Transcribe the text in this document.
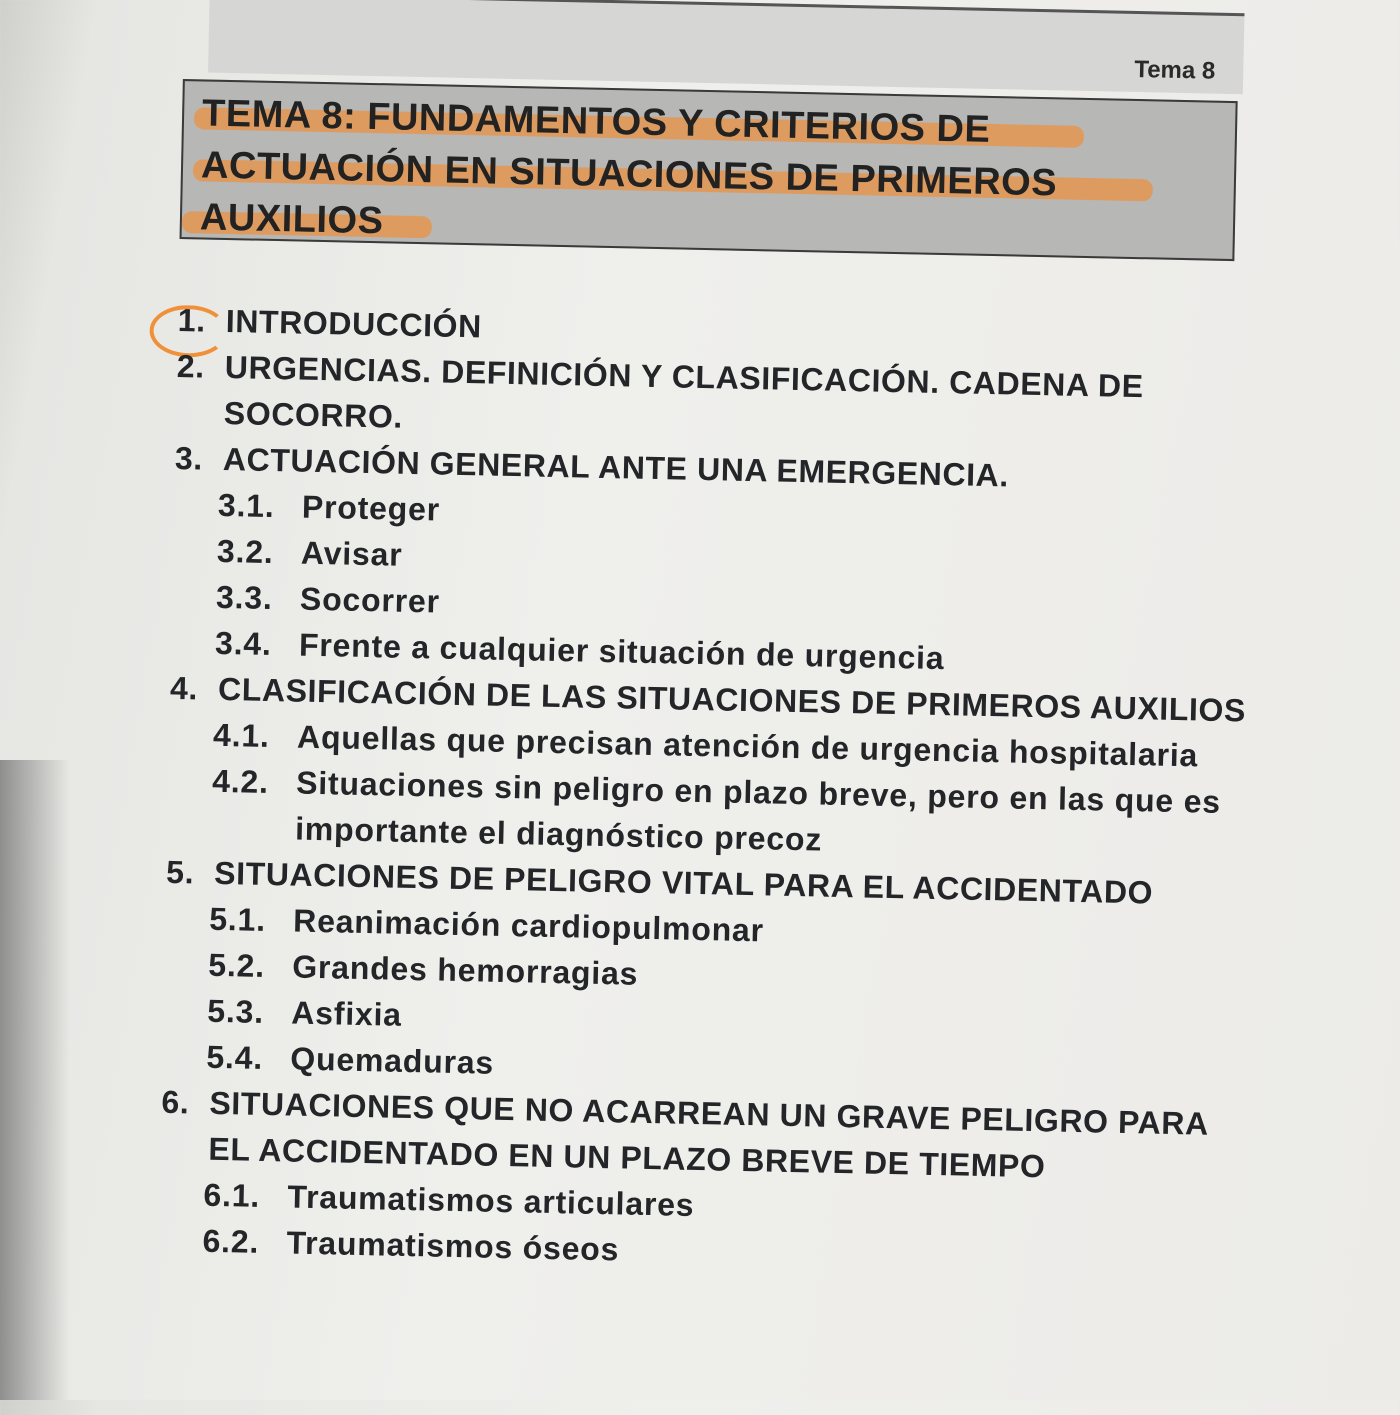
Tema 8
TEMA 8: FUNDAMENTOS Y CRITERIOS DE ACTUACIÓN EN SITUACIONES DE PRIMEROS AUXILIOS
1. INTRODUCCIÓN
2. URGENCIAS. DEFINICIÓN Y CLASIFICACIÓN. CADENA DE SOCORRO.
3. ACTUACIÓN GENERAL ANTE UNA EMERGENCIA.
3.1. Proteger
3.2. Avisar
3.3. Socorrer
3.4. Frente a cualquier situación de urgencia
4. CLASIFICACIÓN DE LAS SITUACIONES DE PRIMEROS AUXILIOS
4.1. Aquellas que precisan atención de urgencia hospitalaria
4.2. Situaciones sin peligro en plazo breve, pero en las que es importante el diagnóstico precoz
5. SITUACIONES DE PELIGRO VITAL PARA EL ACCIDENTADO
5.1. Reanimación cardiopulmonar
5.2. Grandes hemorragias
5.3. Asfixia
5.4. Quemaduras
6. SITUACIONES QUE NO ACARREAN UN GRAVE PELIGRO PARA EL ACCIDENTADO EN UN PLAZO BREVE DE TIEMPO
6.1. Traumatismos articulares
6.2. Traumatismos óseos
